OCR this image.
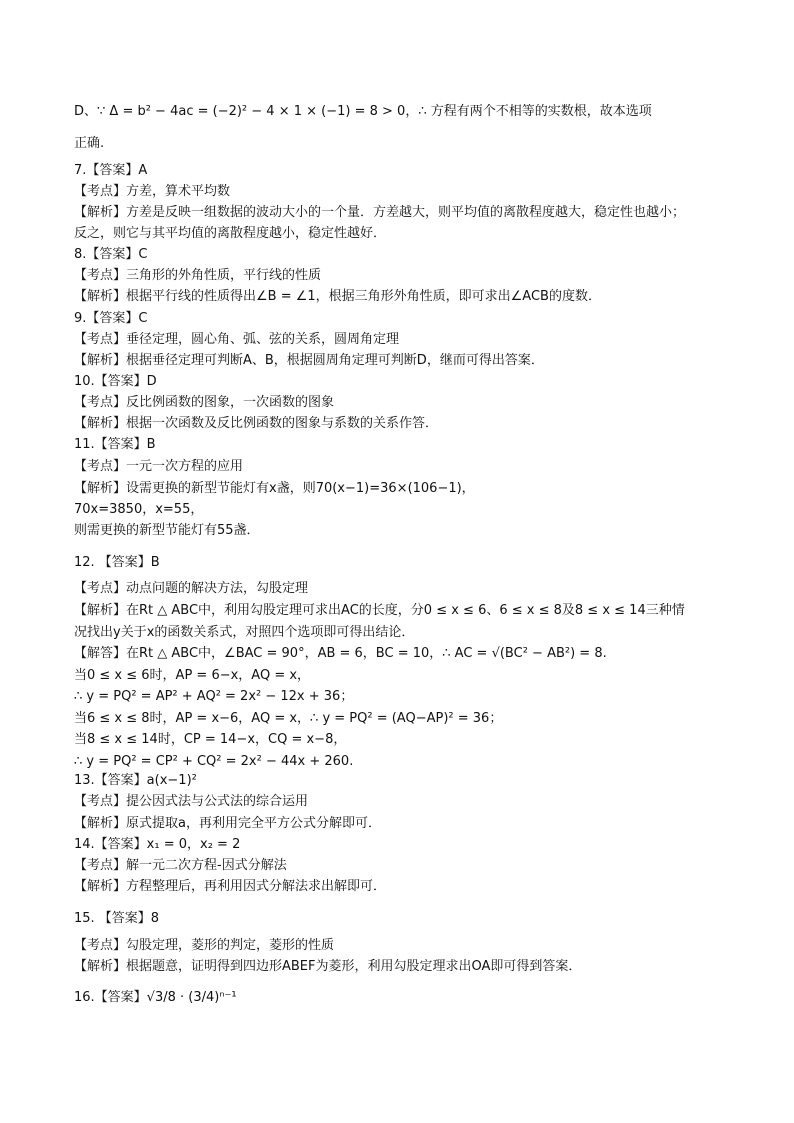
D、∵ Δ = b² − 4ac = (−2)² − 4 × 1 × (−1) = 8 > 0，∴ 方程有两个不相等的实数根，故本选项
正确.
7.【答案】A
【考点】方差，算术平均数
【解析】方差是反映一组数据的波动大小的一个量．方差越大，则平均值的离散程度越大，稳定性也越小；
反之，则它与其平均值的离散程度越小，稳定性越好．
8.【答案】C
【考点】三角形的外角性质，平行线的性质
【解析】根据平行线的性质得出∠B = ∠1，根据三角形外角性质，即可求出∠ACB的度数．
9.【答案】C
【考点】垂径定理，圆心角、弧、弦的关系，圆周角定理
【解析】根据垂径定理可判断A、B，根据圆周角定理可判断D，继而可得出答案．
10.【答案】D
【考点】反比例函数的图象，一次函数的图象
【解析】根据一次函数及反比例函数的图象与系数的关系作答．
11.【答案】B
【考点】一元一次方程的应用
【解析】设需更换的新型节能灯有x盏，则70(x−1)=36×(106−1)，
70x=3850，x=55，
则需更换的新型节能灯有55盏．
12. 【答案】B
【考点】动点问题的解决方法，勾股定理
【解析】在Rt △ ABC中，利用勾股定理可求出AC的长度，分0 ≤ x ≤ 6、6 ≤ x ≤ 8及8 ≤ x ≤ 14三种情
况找出y关于x的函数关系式，对照四个选项即可得出结论．
【解答】在Rt △ ABC中，∠BAC = 90°，AB = 6，BC = 10，∴ AC = √(BC² − AB²) = 8.
当0 ≤ x ≤ 6时，AP = 6−x，AQ = x，
∴ y = PQ² = AP² + AQ² = 2x² − 12x + 36；
当6 ≤ x ≤ 8时，AP = x−6，AQ = x，∴ y = PQ² = (AQ−AP)² = 36；
当8 ≤ x ≤ 14时，CP = 14−x，CQ = x−8，
∴ y = PQ² = CP² + CQ² = 2x² − 44x + 260.
13.【答案】a(x−1)²
【考点】提公因式法与公式法的综合运用
【解析】原式提取a，再利用完全平方公式分解即可．
14.【答案】x₁ = 0，x₂ = 2
【考点】解一元二次方程-因式分解法
【解析】方程整理后，再利用因式分解法求出解即可．
15. 【答案】8
【考点】勾股定理，菱形的判定，菱形的性质
【解析】根据题意，证明得到四边形ABEF为菱形，利用勾股定理求出OA即可得到答案．
16.【答案】√3/8 · (3/4)ⁿ⁻¹
